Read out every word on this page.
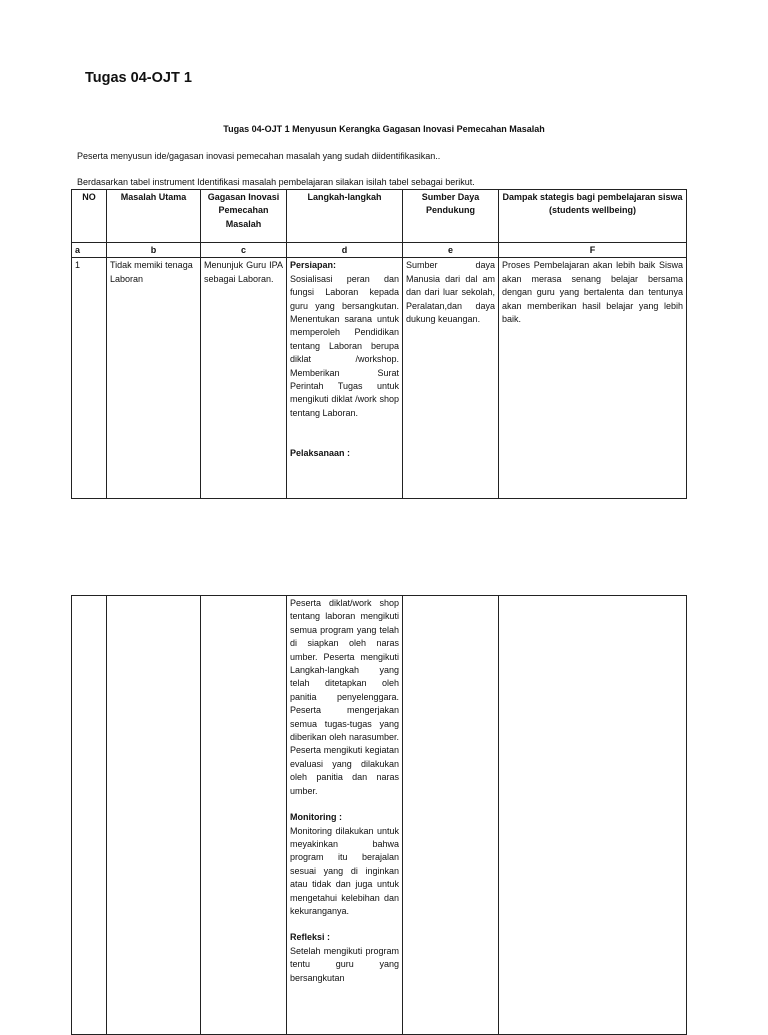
Tugas 04-OJT 1
Tugas 04-OJT 1 Menyusun Kerangka Gagasan Inovasi Pemecahan Masalah
Peserta menyusun ide/gagasan inovasi pemecahan masalah yang sudah diidentifikasikan..
Berdasarkan tabel instrument Identifikasi masalah pembelajaran silakan isilah tabel sebagai berikut.
NO	Masalah Utama	Gagasan Inovasi Pemecahan Masalah	Langkah-langkah	Sumber Daya Pendukung	Dampak stategis bagi pembelajaran siswa (students wellbeing)
a	b	c	d	e	F
1	Tidak memiki tenaga Laboran	Menunjuk Guru IPA sebagai Laboran.	Persiapan:
Sosialisasi peran dan fungsi Laboran kepada guru yang bersangkutan. Menentukan sarana untuk memperoleh Pendidikan tentang Laboran berupa diklat /workshop. Memberikan Surat Perintah Tugas untuk mengikuti diklat /work shop tentang Laboran.
Pelaksanaan :	Sumber daya Manusia dari dal am dan dari luar sekolah, Peralatan,dan daya dukung keuangan.	Proses Pembelajaran akan lebih baik Siswa akan merasa senang belajar bersama dengan guru yang bertalenta dan tentunya akan memberikan hasil belajar yang lebih baik.
			Peserta diklat/work shop tentang laboran mengikuti semua program yang telah di siapkan oleh naras umber. Peserta mengikuti Langkah-langkah yang telah ditetapkan oleh panitia penyelenggara. Peserta mengerjakan semua tugas-tugas yang diberikan oleh narasumber. Peserta mengikuti kegiatan evaluasi yang dilakukan oleh panitia dan naras umber.
Monitoring :
Monitoring dilakukan untuk meyakinkan bahwa program itu berajalan sesuai yang di inginkan atau tidak dan juga untuk mengetahui kelebihan dan kekuranganya.
Refleksi :
Setelah mengikuti program tentu guru yang bersangkutan		
